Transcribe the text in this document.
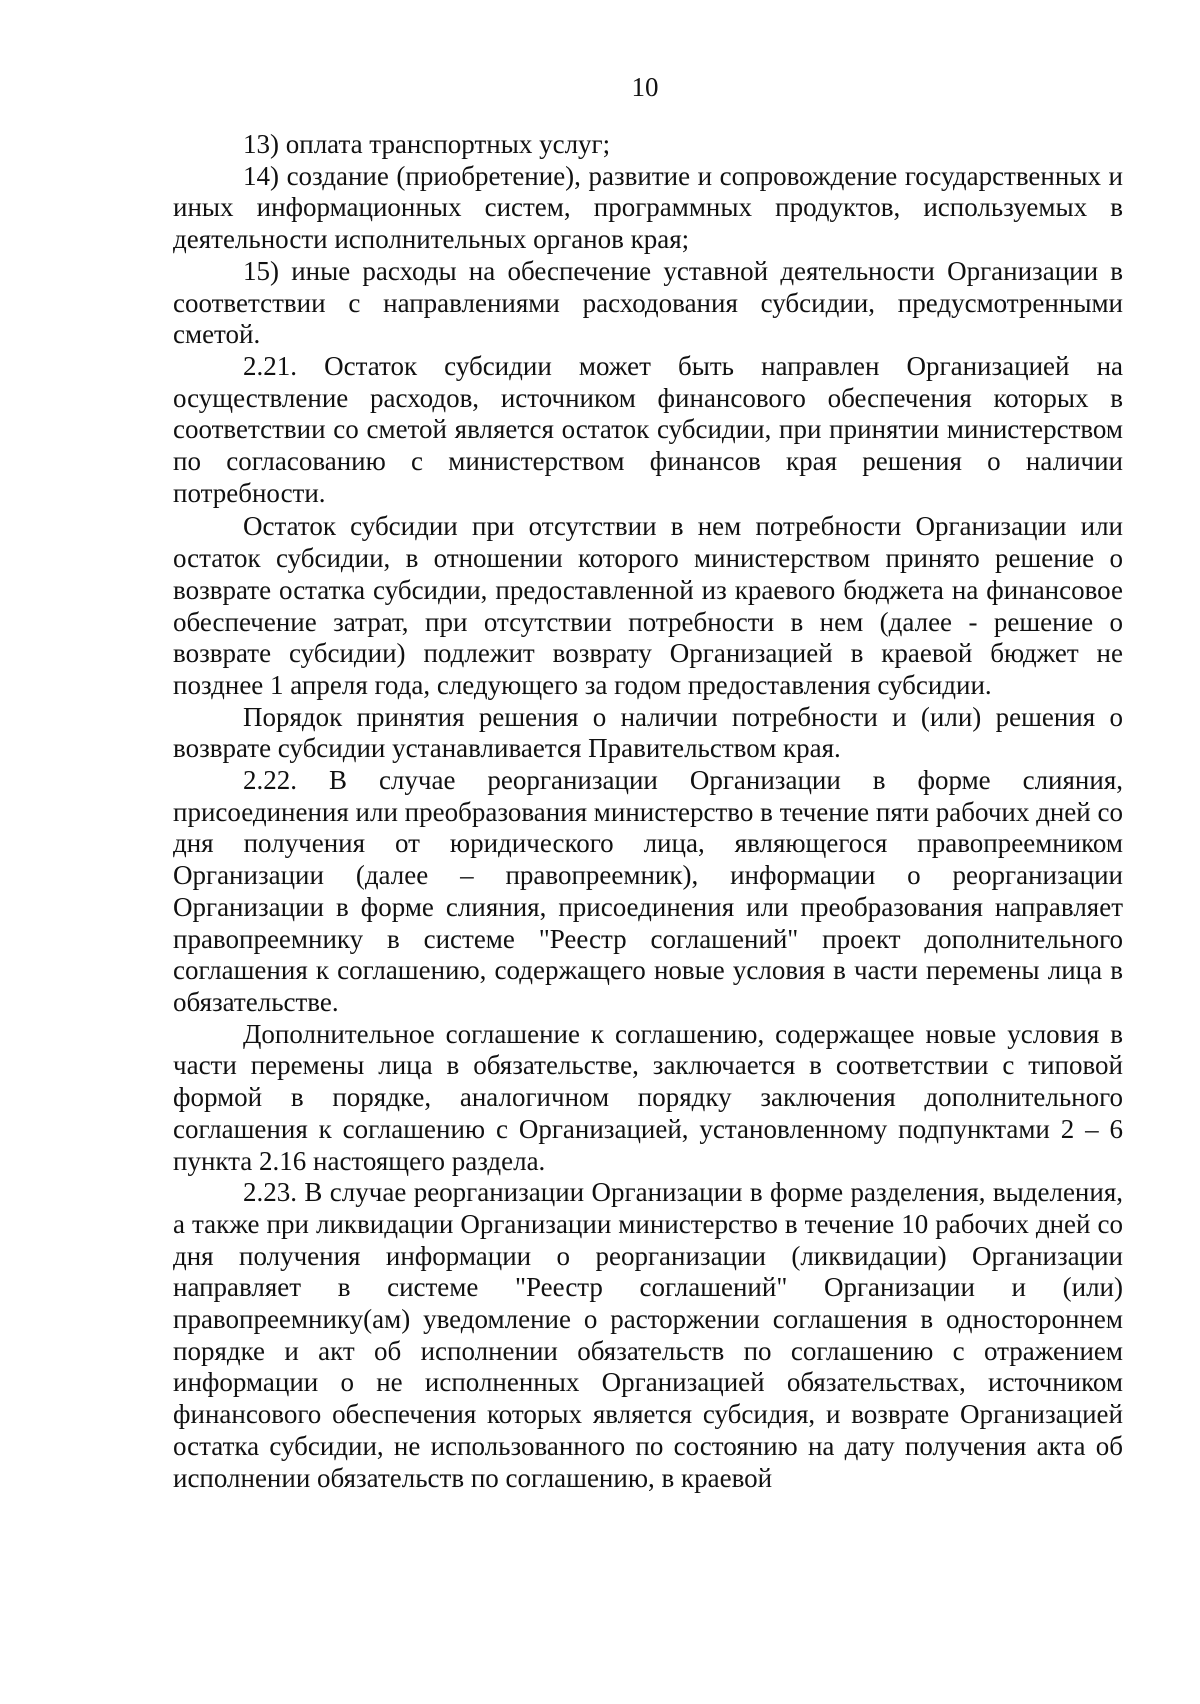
10

13) оплата транспортных услуг;

14) создание (приобретение), развитие и сопровождение государственных и иных информационных систем, программных продуктов, используемых в деятельности исполнительных органов края;

15) иные расходы на обеспечение уставной деятельности Организации в соответствии с направлениями расходования субсидии, предусмотренными сметой.

2.21. Остаток субсидии может быть направлен Организацией на осуществление расходов, источником финансового обеспечения которых в соответствии со сметой является остаток субсидии, при принятии министерством по согласованию с министерством финансов края решения о наличии потребности.

Остаток субсидии при отсутствии в нем потребности Организации или остаток субсидии, в отношении которого министерством принято решение о возврате остатка субсидии, предоставленной из краевого бюджета на финансовое обеспечение затрат, при отсутствии потребности в нем (далее - решение о возврате субсидии) подлежит возврату Организацией в краевой бюджет не позднее 1 апреля года, следующего за годом предоставления субсидии.

Порядок принятия решения о наличии потребности и (или) решения о возврате субсидии устанавливается Правительством края.

2.22. В случае реорганизации Организации в форме слияния, присоединения или преобразования министерство в течение пяти рабочих дней со дня получения от юридического лица, являющегося правопреемником Организации (далее – правопреемник), информации о реорганизации Организации в форме слияния, присоединения или преобразования направляет правопреемнику в системе "Реестр соглашений" проект дополнительного соглашения к соглашению, содержащего новые условия в части перемены лица в обязательстве.

Дополнительное соглашение к соглашению, содержащее новые условия в части перемены лица в обязательстве, заключается в соответствии с типовой формой в порядке, аналогичном порядку заключения дополнительного соглашения к соглашению с Организацией, установленному подпунктами 2 – 6 пункта 2.16 настоящего раздела.

2.23. В случае реорганизации Организации в форме разделения, выделения, а также при ликвидации Организации министерство в течение 10 рабочих дней со дня получения информации о реорганизации (ликвидации) Организации направляет в системе "Реестр соглашений" Организации и (или) правопреемнику(ам) уведомление о расторжении соглашения в одностороннем порядке и акт об исполнении обязательств по соглашению с отражением информации о не исполненных Организацией обязательствах, источником финансового обеспечения которых является субсидия, и возврате Организацией остатка субсидии, не использованного по состоянию на дату получения акта об исполнении обязательств по соглашению, в краевой
